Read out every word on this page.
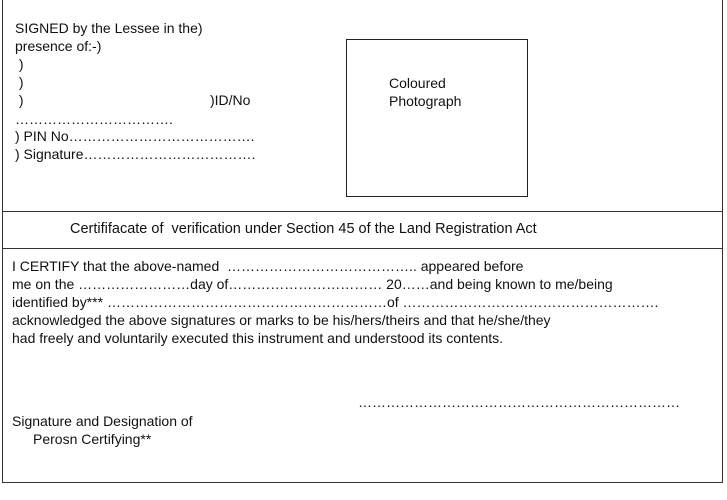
SIGNED by the Lessee in the)
presence of:-)
)
)
)	)ID/No
…………………………….
) PIN No………………………………….
) Signature……………………………….
Coloured
Photograph
Certififacate of  verification under Section 45 of the Land Registration Act
I CERTIFY that the above-named  ………………………………….. appeared before
me on the ……………………day of…………………………… 20……and being known to me/being
identified by*** ……………………………………………………of ……………………………………………….
acknowledged the above signatures or marks to be his/hers/theirs and that he/she/they
had freely and voluntarily executed this instrument and understood its contents.
……………………………………………………………
Signature and Designation of
Perosn Certifying**
